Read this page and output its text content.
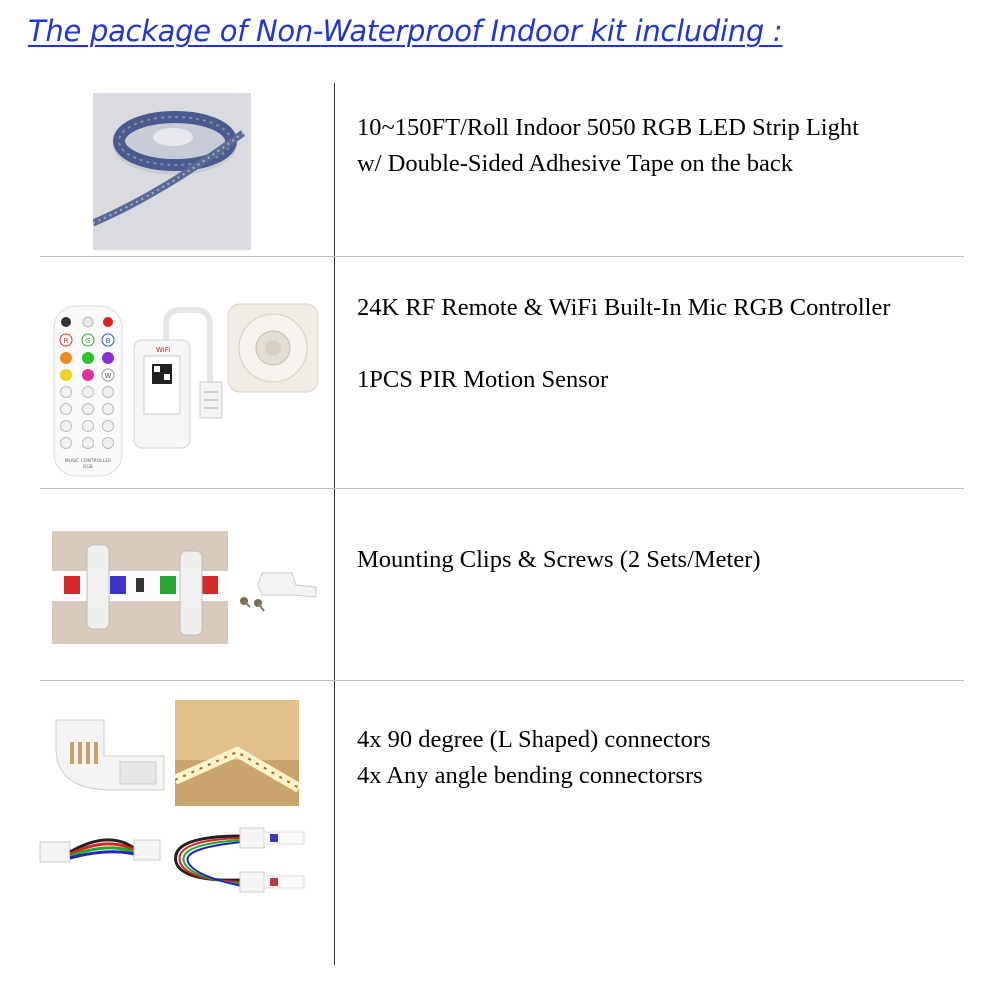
The package of Non-Waterproof Indoor kit including :
10~150FT/Roll Indoor 5050 RGB LED Strip Light
w/ Double-Sided Adhesive Tape on the back
24K RF Remote & WiFi Built-In Mic RGB Controller
1PCS PIR Motion Sensor
Mounting Clips & Screws (2 Sets/Meter)
4x 90 degree (L Shaped) connectors
4x Any angle bending connectorsrs
R G B
W
MUSIC CONTROLLER
RGB
WiFi
